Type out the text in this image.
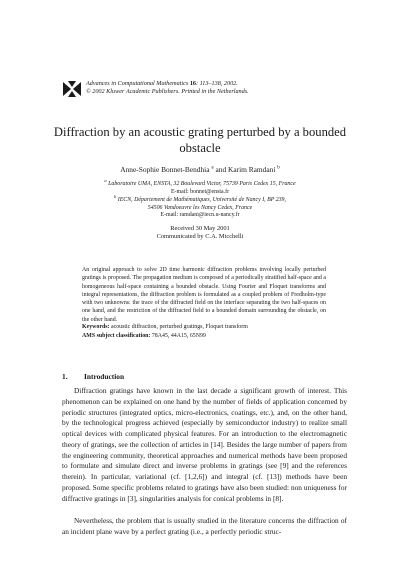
Advances in Computational Mathematics 16: 113–138, 2002.
© 2002 Kluwer Academic Publishers. Printed in the Netherlands.
Diffraction by an acoustic grating perturbed by a bounded obstacle
Anne-Sophie Bonnet-Bendhia $^a$ and Karim Ramdani $^b$
$^a$ Laboratoire UMA, ENSTA, 32 Boulevard Victor, 75739 Paris Cedex 15, France
E-mail: bonnet@ensta.fr
$^b$ IECN, Département de Mathématiques, Université de Nancy I, BP 239,
54506 Vandoeuvre les Nancy Cedex, France
E-mail: ramdani@iecn.u-nancy.fr
Received 30 May 2001
Communicated by C.A. Micchelli
An original approach to solve 2D time harmonic diffraction problems involving locally perturbed gratings is proposed. The propagation medium is composed of a periodically stratified half-space and a homogeneous half-space containing a bounded obstacle. Using Fourier and Floquet transforms and integral representations, the diffraction problem is formulated as a coupled problem of Fredholm-type with two unknowns: the trace of the diffracted field on the interface separating the two half-spaces on one hand, and the restriction of the diffracted field to a bounded domain surrounding the obstacle, on the other hand.
Keywords: acoustic diffraction, perturbed gratings, Floquet transform
AMS subject classification: 78A45, 44A15, 65N99
1. Introduction

Diffraction gratings have known in the last decade a significant growth of interest. This phenomenon can be explained on one hand by the number of fields of application concerned by periodic structures (integrated optics, micro-electronics, coatings, etc.), and, on the other hand, by the technological progress achieved (especially by semiconductor industry) to realize small optical devices with complicated physical features. For an introduction to the electromagnetic theory of gratings, see the collection of articles in [14]. Besides the large number of papers from the engineering community, theoretical approaches and numerical methods have been proposed to formulate and simulate direct and inverse problems in gratings (see [9] and the references therein). In particular, variational (cf. [1,2,6]) and integral (cf. [13]) methods have been proposed. Some specific problems related to gratings have also been studied: non uniqueness for diffractive gratings in [3], singularities analysis for conical problems in [8].

Nevertheless, the problem that is usually studied in the literature concerns the diffraction of an incident plane wave by a perfect grating (i.e., a perfectly periodic struc-
